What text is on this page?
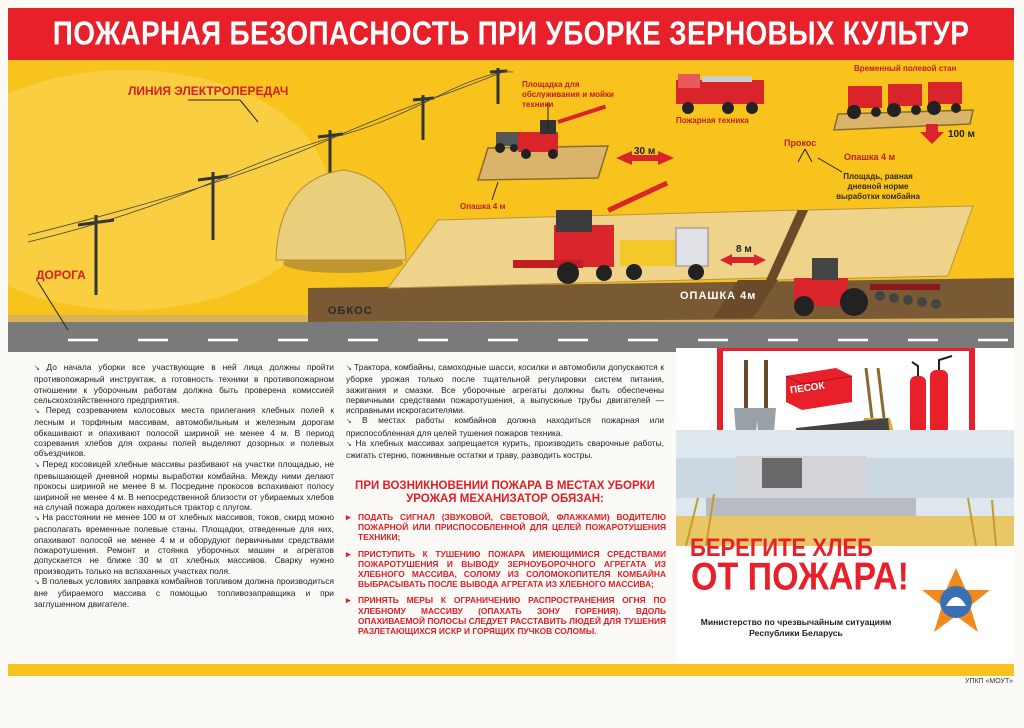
ПОЖАРНАЯ БЕЗОПАСНОСТЬ ПРИ УБОРКЕ ЗЕРНОВЫХ КУЛЬТУР
ЛИНИЯ ЭЛЕКТРОПЕРЕДАЧ
ДОРОГА
ОБКОС
Площадка для обслуживания и мойки техники
Пожарная техника
Временный полевой стан
Прокос
30 м
100 м
8 м
Опашка 4 м
Опашка 4 м
ОПАШКА 4м
Площадь, равная дневной норме выработки комбайна

↘ До начала уборки все участвующие в ней лица должны пройти противопожарный инструктаж, а готовность техники в противопожарном отношении к уборочным работам должна быть проверена комиссией сельскохозяйственного предприятия.

↘ Перед созреванием колосовых места прилегания хлебных полей к лесным и торфяным массивам, автомобильным и железным дорогам обкашивают и опахивают полосой шириной не менее 4 м. В период созревания хлебов для охраны полей выделяют дозорных и полевых объездчиков.

↘ Перед косовицей хлебные массивы разбивают на участки площадью, не превышающей дневной нормы выработки комбайна. Между ними делают прокосы шириной не менее 8 м. Посредине прокосов вспахивают полосу шириной не менее 4 м. В непосредственной близости от убираемых хлебов на случай пожара должен находиться трактор с плугом.

↘ На расстоянии не менее 100 м от хлебных массивов, токов, скирд можно располагать временные полевые станы. Площадки, отведенные для них, опахивают полосой не менее 4 м и оборудуют первичными средствами пожаротушения. Ремонт и стоянка уборочных машин и агрегатов допускается не ближе 30 м от хлебных массивов. Сварку нужно производить только на вспаханных участках поля.

↘ В полевых условиях заправка комбайнов топливом должна производиться вне убираемого массива с помощью топливозаправщика и при заглушенном двигателе.

↘ Трактора, комбайны, самоходные шасси, косилки и автомобили допускаются к уборке урожая только после тщательной регулировки систем питания, зажигания и смазки. Все уборочные агрегаты должны быть обеспечены первичными средствами пожаротушения, а выпускные трубы двигателей — исправными искрогасителями.

↘ В местах работы комбайнов должна находиться пожарная или приспособленная для целей тушения пожаров техника.

↘ На хлебных массивах запрещается курить, производить сварочные работы, сжигать стерню, пожнивные остатки и траву, разводить костры.

ПРИ ВОЗНИКНОВЕНИИ ПОЖАРА В МЕСТАХ УБОРКИ УРОЖАЯ МЕХАНИЗАТОР ОБЯЗАН:
▸ ПОДАТЬ СИГНАЛ (ЗВУКОВОЙ, СВЕТОВОЙ, ФЛАЖКАМИ) ВОДИТЕЛЮ ПОЖАРНОЙ ИЛИ ПРИСПОСОБЛЕННОЙ ДЛЯ ЦЕЛЕЙ ПОЖАРОТУШЕНИЯ ТЕХНИКИ;
▸ ПРИСТУПИТЬ К ТУШЕНИЮ ПОЖАРА ИМЕЮЩИМИСЯ СРЕДСТВАМИ ПОЖАРОТУШЕНИЯ И ВЫВОДУ ЗЕРНОУБОРОЧНОГО АГРЕГАТА ИЗ ХЛЕБНОГО МАССИВА, СОЛОМУ ИЗ СОЛОМОКОПИТЕЛЯ КОМБАЙНА ВЫБРАСЫВАТЬ ПОСЛЕ ВЫВОДА АГРЕГАТА ИЗ ХЛЕБНОГО МАССИВА;
▸ ПРИНЯТЬ МЕРЫ К ОГРАНИЧЕНИЮ РАСПРОСТРАНЕНИЯ ОГНЯ ПО ХЛЕБНОМУ МАССИВУ (ОПАХАТЬ ЗОНУ ГОРЕНИЯ). ВДОЛЬ ОПАХИВАЕМОЙ ПОЛОСЫ СЛЕДУЕТ РАССТАВИТЬ ЛЮДЕЙ ДЛЯ ТУШЕНИЯ РАЗЛЕТАЮЩИХСЯ ИСКР И ГОРЯЩИХ ПУЧКОВ СОЛОМЫ.
ПЕСОК
БЕРЕГИТЕ ХЛЕБ
ОТ ПОЖАРА!
Министерство по чрезвычайным ситуациям Республики Беларусь
УПКП «МОУТ»
